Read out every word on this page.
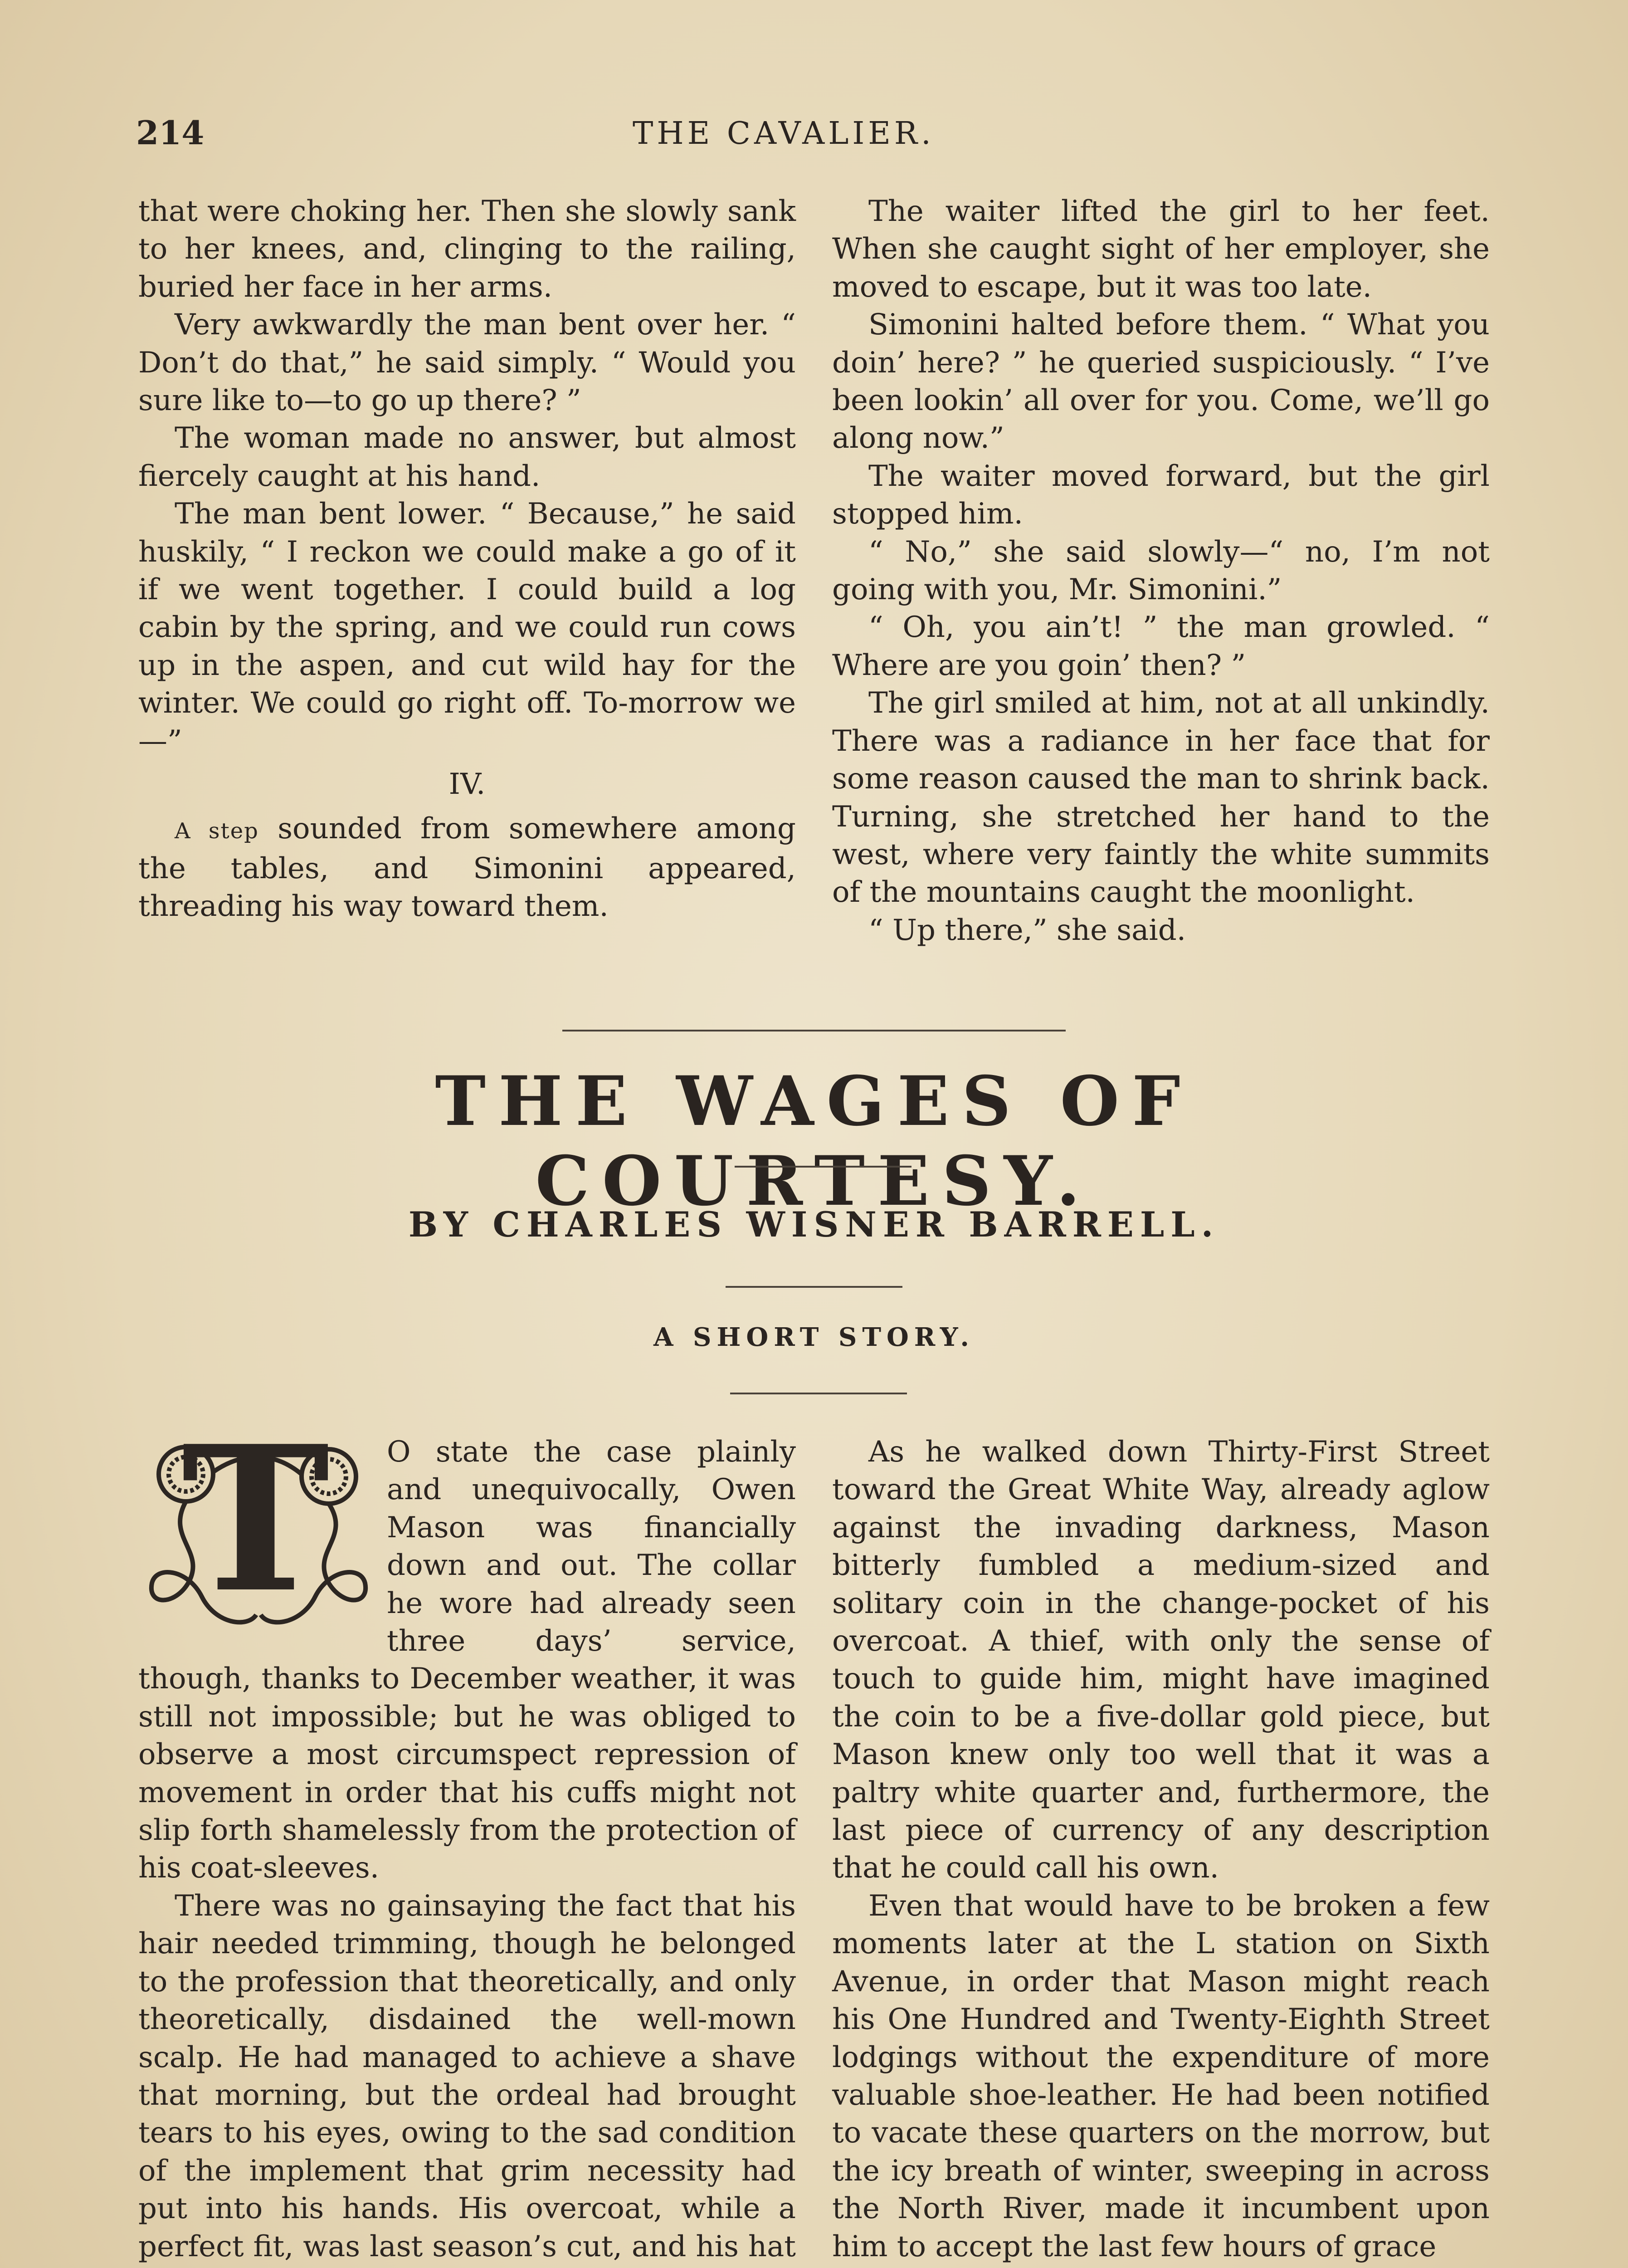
214	THE CAVALIER.

that were choking her. Then she slowly sank to her knees, and, clinging to the railing, buried her face in her arms.

Very awkwardly the man bent over her. “ Don’t do that,” he said simply. “ Would you sure like to—to go up there? ”

The woman made no answer, but almost fiercely caught at his hand.

The man bent lower. “ Because,” he said huskily, “ I reckon we could make a go of it if we went together. I could build a log cabin by the spring, and we could run cows up in the aspen, and cut wild hay for the winter. We could go right off. To-morrow we—”

IV.

A step sounded from somewhere among the tables, and Simonini appeared, threading his way toward them.

The waiter lifted the girl to her feet. When she caught sight of her employer, she moved to escape, but it was too late.

Simonini halted before them. “ What you doin’ here? ” he queried suspiciously. “ I’ve been lookin’ all over for you. Come, we’ll go along now.”

The waiter moved forward, but the girl stopped him.

“ No,” she said slowly—“ no, I’m not going with you, Mr. Simonini.”

“ Oh, you ain’t! ” the man growled. “ Where are you goin’ then? ”

The girl smiled at him, not at all unkindly. There was a radiance in her face that for some reason caused the man to shrink back. Turning, she stretched her hand to the west, where very faintly the white summits of the mountains caught the moonlight.

“ Up there,” she said.

THE WAGES OF COURTESY.
BY CHARLES WISNER BARRELL.
A SHORT STORY.
T	O state the case plainly and unequivocally, Owen Mason was financially down and out. The collar he wore had already seen three days’ service, though, thanks to December weather, it was still not impossible; but he was obliged to observe a most circumspect repression of movement in order that his cuffs might not slip forth shamelessly from the protection of his coat-sleeves.

There was no gainsaying the fact that his hair needed trimming, though he belonged to the profession that theoretically, and only theoretically, disdained the well-mown scalp. He had managed to achieve a shave that morning, but the ordeal had brought tears to his eyes, owing to the sad condition of the implement that grim necessity had put into his hands. His overcoat, while a perfect fit, was last season’s cut, and his hat

As he walked down Thirty-First Street toward the Great White Way, already aglow against the invading darkness, Mason bitterly fumbled a medium-sized and solitary coin in the change-pocket of his overcoat. A thief, with only the sense of touch to guide him, might have imagined the coin to be a five-dollar gold piece, but Mason knew only too well that it was a paltry white quarter and, furthermore, the last piece of currency of any description that he could call his own.

Even that would have to be broken a few moments later at the L station on Sixth Avenue, in order that Mason might reach his One Hundred and Twenty-Eighth Street lodgings without the expenditure of more valuable shoe-leather. He had been notified to vacate these quarters on the morrow, but the icy breath of winter, sweeping in across the North River, made it incumbent upon him to accept the last few hours of grace
